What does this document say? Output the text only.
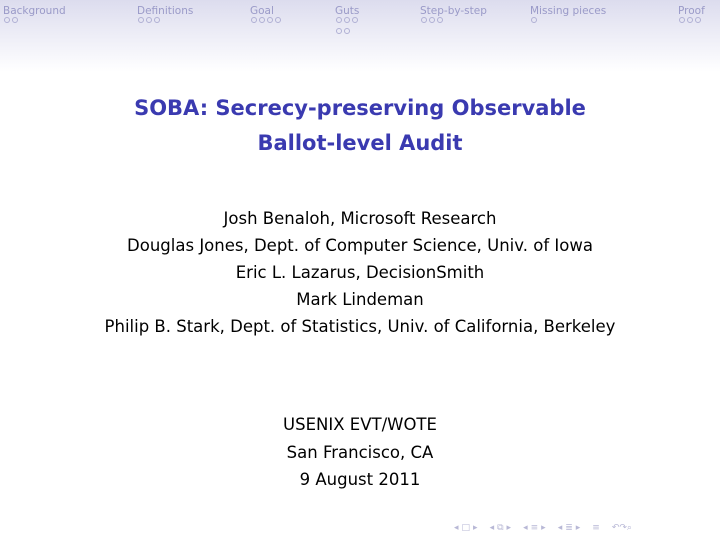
Background	Definitions	Goal	Guts	Step-by-step	Missing pieces	Proof
SOBA: Secrecy-preserving Observable
Ballot-level Audit
Josh Benaloh, Microsoft Research
Douglas Jones, Dept. of Computer Science, Univ. of Iowa
Eric L. Lazarus, DecisionSmith
Mark Lindeman
Philip B. Stark, Dept. of Statistics, Univ. of California, Berkeley
USENIX EVT/WOTE
San Francisco, CA
9 August 2011
◂ □ ▸ ◂ ⧉ ▸ ◂ ≡ ▸ ◂ ≣ ▸ ≡ ↶↷⌕
